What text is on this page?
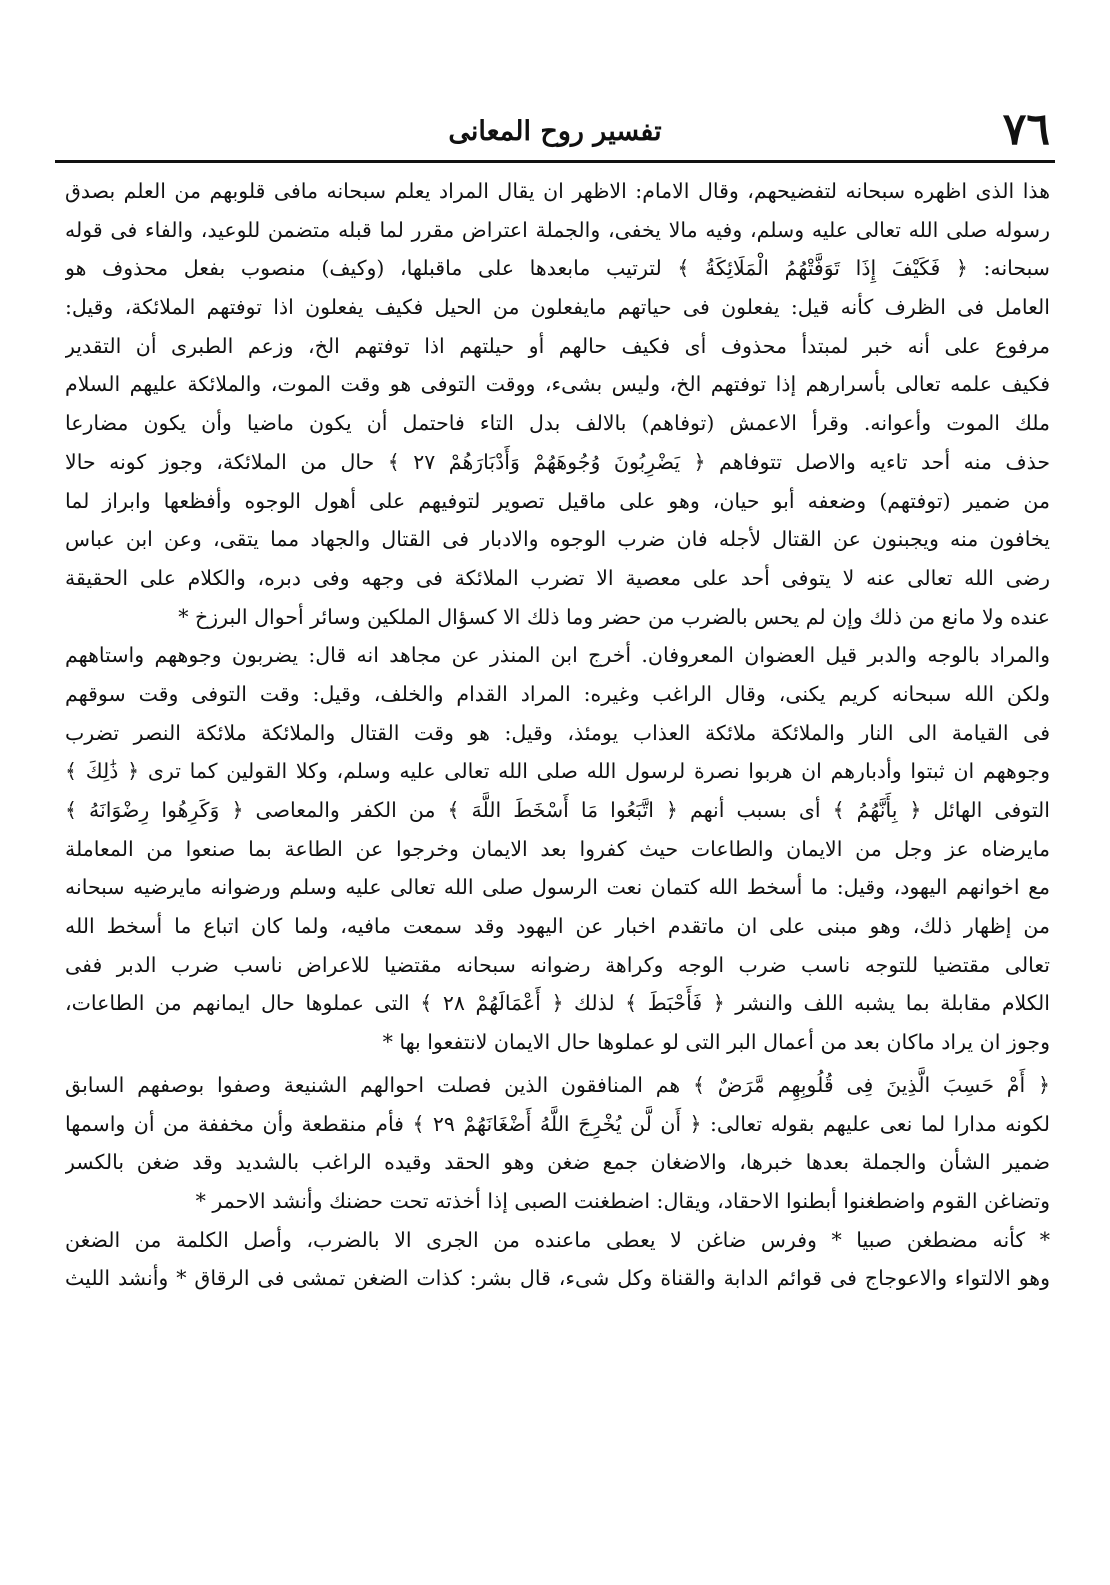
٧٦
تفسير روح المعانى
هذا الذى اظهره سبحانه لتفضيحهم، وقال الامام: الاظهر ان يقال المراد يعلم سبحانه مافى قلوبهم من العلم بصدق
رسوله صلى الله تعالى عليه وسلم، وفيه مالا يخفى، والجملة اعتراض مقرر لما قبله متضمن للوعيد، والفاء فى قوله
سبحانه: ﴿ فَكَيْفَ إِذَا تَوَفَّتْهُمُ الْمَلَائِكَةُ ﴾ لترتيب مابعدها على ماقبلها، (وكيف) منصوب بفعل محذوف هو
العامل فى الظرف كأنه قيل: يفعلون فى حياتهم مايفعلون من الحيل فكيف يفعلون اذا توفتهم الملائكة، وقيل:
مرفوع على أنه خبر لمبتدأ محذوف أى فكيف حالهم أو حيلتهم اذا توفتهم الخ، وزعم الطبرى أن التقدير
فكيف علمه تعالى بأسرارهم إذا توفتهم الخ، وليس بشىء، ووقت التوفى هو وقت الموت، والملائكة عليهم السلام
ملك الموت وأعوانه. وقرأ الاعمش (توفاهم) بالالف بدل التاء فاحتمل أن يكون ماضيا وأن يكون مضارعا
حذف منه أحد تاءيه والاصل تتوفاهم ﴿ يَضْرِبُونَ وُجُوهَهُمْ وَأَدْبَارَهُمْ ٢٧ ﴾ حال من الملائكة، وجوز كونه حالا
من ضمير (توفتهم) وضعفه أبو حيان، وهو على ماقيل تصوير لتوفيهم على أهول الوجوه وأفظعها وابراز لما
يخافون منه ويجبنون عن القتال لأجله فان ضرب الوجوه والادبار فى القتال والجهاد مما يتقى، وعن ابن عباس
رضى الله تعالى عنه لا يتوفى أحد على معصية الا تضرب الملائكة فى وجهه وفى دبره، والكلام على الحقيقة
عنده ولا مانع من ذلك وإن لم يحس بالضرب من حضر وما ذلك الا كسؤال الملكين وسائر أحوال البرزخ *
والمراد بالوجه والدبر قيل العضوان المعروفان. أخرج ابن المنذر عن مجاهد انه قال: يضربون وجوههم واستاههم
ولكن الله سبحانه كريم يكنى، وقال الراغب وغيره: المراد القدام والخلف، وقيل: وقت التوفى وقت سوقهم
فى القيامة الى النار والملائكة ملائكة العذاب يومئذ، وقيل: هو وقت القتال والملائكة ملائكة النصر تضرب
وجوههم ان ثبتوا وأدبارهم ان هربوا نصرة لرسول الله صلى الله تعالى عليه وسلم، وكلا القولين كما ترى ﴿ ذَٰلِكَ ﴾
التوفى الهائل ﴿ بِأَنَّهُمُ ﴾ أى بسبب أنهم ﴿ اتَّبَعُوا مَا أَسْخَطَ اللَّهَ ﴾ من الكفر والمعاصى ﴿ وَكَرِهُوا رِضْوَانَهُ ﴾
مايرضاه عز وجل من الايمان والطاعات حيث كفروا بعد الايمان وخرجوا عن الطاعة بما صنعوا من المعاملة
مع اخوانهم اليهود، وقيل: ما أسخط الله كتمان نعت الرسول صلى الله تعالى عليه وسلم ورضوانه مايرضيه سبحانه
من إظهار ذلك، وهو مبنى على ان ماتقدم اخبار عن اليهود وقد سمعت مافيه، ولما كان اتباع ما أسخط الله
تعالى مقتضيا للتوجه ناسب ضرب الوجه وكراهة رضوانه سبحانه مقتضيا للاعراض ناسب ضرب الدبر ففى
الكلام مقابلة بما يشبه اللف والنشر ﴿ فَأَحْبَطَ ﴾ لذلك ﴿ أَعْمَالَهُمْ ٢٨ ﴾ التى عملوها حال ايمانهم من الطاعات،
وجوز ان يراد ماكان بعد من أعمال البر التى لو عملوها حال الايمان لانتفعوا بها *
﴿ أَمْ حَسِبَ الَّذِينَ فِى قُلُوبِهِم مَّرَضٌ ﴾ هم المنافقون الذين فصلت احوالهم الشنيعة وصفوا بوصفهم السابق
لكونه مدارا لما نعى عليهم بقوله تعالى: ﴿ أَن لَّن يُخْرِجَ اللَّهُ أَضْغَانَهُمْ ٢٩ ﴾ فأم منقطعة وأن مخففة من أن واسمها
ضمير الشأن والجملة بعدها خبرها، والاضغان جمع ضغن وهو الحقد وقيده الراغب بالشديد وقد ضغن بالكسر
وتضاغن القوم واضطغنوا أبطنوا الاحقاد، ويقال: اضطغنت الصبى إذا أخذته تحت حضنك وأنشد الاحمر *
* كأنه مضطغن صبيا * وفرس ضاغن لا يعطى ماعنده من الجرى الا بالضرب، وأصل الكلمة من الضغن
وهو الالتواء والاعوجاج فى قوائم الدابة والقناة وكل شىء، قال بشر: كذات الضغن تمشى فى الرقاق * وأنشد الليث
